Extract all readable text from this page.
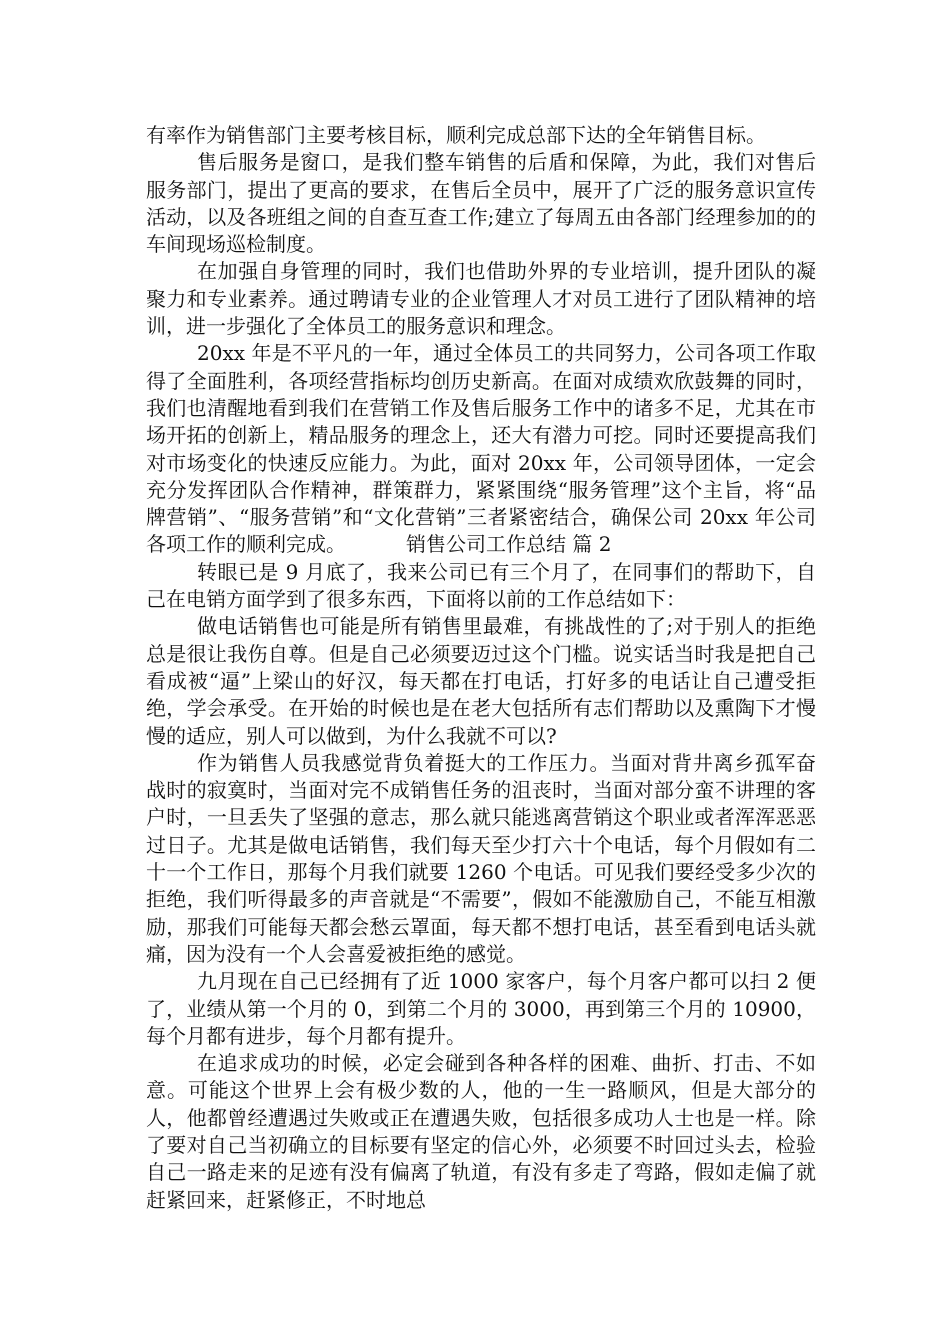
有率作为销售部门主要考核目标，顺利完成总部下达的全年销售目标。

售后服务是窗口，是我们整车销售的后盾和保障，为此，我们对售后服务部门，提出了更高的要求，在售后全员中，展开了广泛的服务意识宣传活动，以及各班组之间的自查互查工作;建立了每周五由各部门经理参加的的车间现场巡检制度。

在加强自身管理的同时，我们也借助外界的专业培训，提升团队的凝聚力和专业素养。通过聘请专业的企业管理人才对员工进行了团队精神的培训，进一步强化了全体员工的服务意识和理念。

20xx 年是不平凡的一年，通过全体员工的共同努力，公司各项工作取得了全面胜利，各项经营指标均创历史新高。在面对成绩欢欣鼓舞的同时，我们也清醒地看到我们在营销工作及售后服务工作中的诸多不足，尤其在市场开拓的创新上，精品服务的理念上，还大有潜力可挖。同时还要提高我们对市场变化的快速反应能力。为此，面对 20xx 年，公司领导团体，一定会充分发挥团队合作精神，群策群力，紧紧围绕“服务管理”这个主旨，将“品牌营销”、“服务营销”和“文化营销”三者紧密结合，确保公司 20xx 年公司各项工作的顺利完成。   	销售公司工作总结 篇 2

转眼已是 9 月底了，我来公司已有三个月了，在同事们的帮助下，自己在电销方面学到了很多东西，下面将以前的工作总结如下：

做电话销售也可能是所有销售里最难，有挑战性的了;对于别人的拒绝总是很让我伤自尊。但是自己必须要迈过这个门槛。说实话当时我是把自己看成被“逼”上梁山的好汉，每天都在打电话，打好多的电话让自己遭受拒绝，学会承受。在开始的时候也是在老大包括所有志们帮助以及熏陶下才慢慢的适应，别人可以做到，为什么我就不可以?

作为销售人员我感觉背负着挺大的工作压力。当面对背井离乡孤军奋战时的寂寞时，当面对完不成销售任务的沮丧时，当面对部分蛮不讲理的客户时，一旦丢失了坚强的意志，那么就只能逃离营销这个职业或者浑浑恶恶过日子。尤其是做电话销售，我们每天至少打六十个电话，每个月假如有二十一个工作日，那每个月我们就要 1260 个电话。可见我们要经受多少次的拒绝，我们听得最多的声音就是“不需要”，假如不能激励自己，不能互相激励，那我们可能每天都会愁云罩面，每天都不想打电话，甚至看到电话头就痛，因为没有一个人会喜爱被拒绝的感觉。

九月现在自己已经拥有了近 1000 家客户，每个月客户都可以扫 2 便了，业绩从第一个月的 0，到第二个月的 3000，再到第三个月的 10900，每个月都有进步，每个月都有提升。

在追求成功的时候，必定会碰到各种各样的困难、曲折、打击、不如意。可能这个世界上会有极少数的人，他的一生一路顺风，但是大部分的人，他都曾经遭遇过失败或正在遭遇失败，包括很多成功人士也是一样。除了要对自己当初确立的目标要有坚定的信心外，必须要不时回过头去，检验自己一路走来的足迹有没有偏离了轨道，有没有多走了弯路，假如走偏了就赶紧回来，赶紧修正，不时地总
